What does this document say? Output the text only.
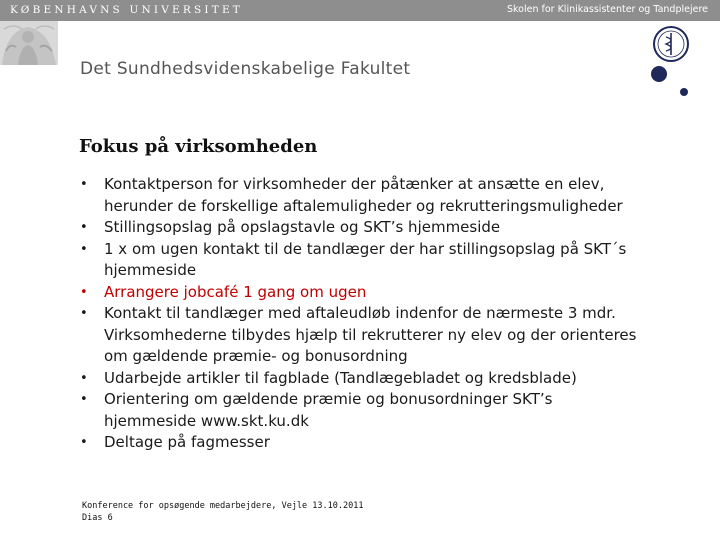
KØBENHAVNS UNIVERSITET	Skolen for Klinikassistenter og Tandplejere
Det Sundhedsvidenskabelige Fakultet
Fokus på virksomheden
• Kontaktperson for virksomheder der påtænker at ansætte en elev, herunder de forskellige aftalemuligheder og rekrutteringsmuligheder
• Stillingsopslag på opslagstavle og SKT’s hjemmeside
• 1 x om ugen kontakt til de tandlæger der har stillingsopslag på SKT´s hjemmeside
• Arrangere jobcafé 1 gang om ugen
• Kontakt til tandlæger med aftaleudløb indenfor de nærmeste 3 mdr. Virksomhederne tilbydes hjælp til rekrutterer ny elev og der orienteres om gældende præmie- og bonusordning
• Udarbejde artikler til fagblade (Tandlægebladet og kredsblade)
• Orientering om gældende præmie og bonusordninger SKT’s hjemmeside www.skt.ku.dk
• Deltage på fagmesser
Konference for opsøgende medarbejdere, Vejle 13.10.2011
Dias 6
